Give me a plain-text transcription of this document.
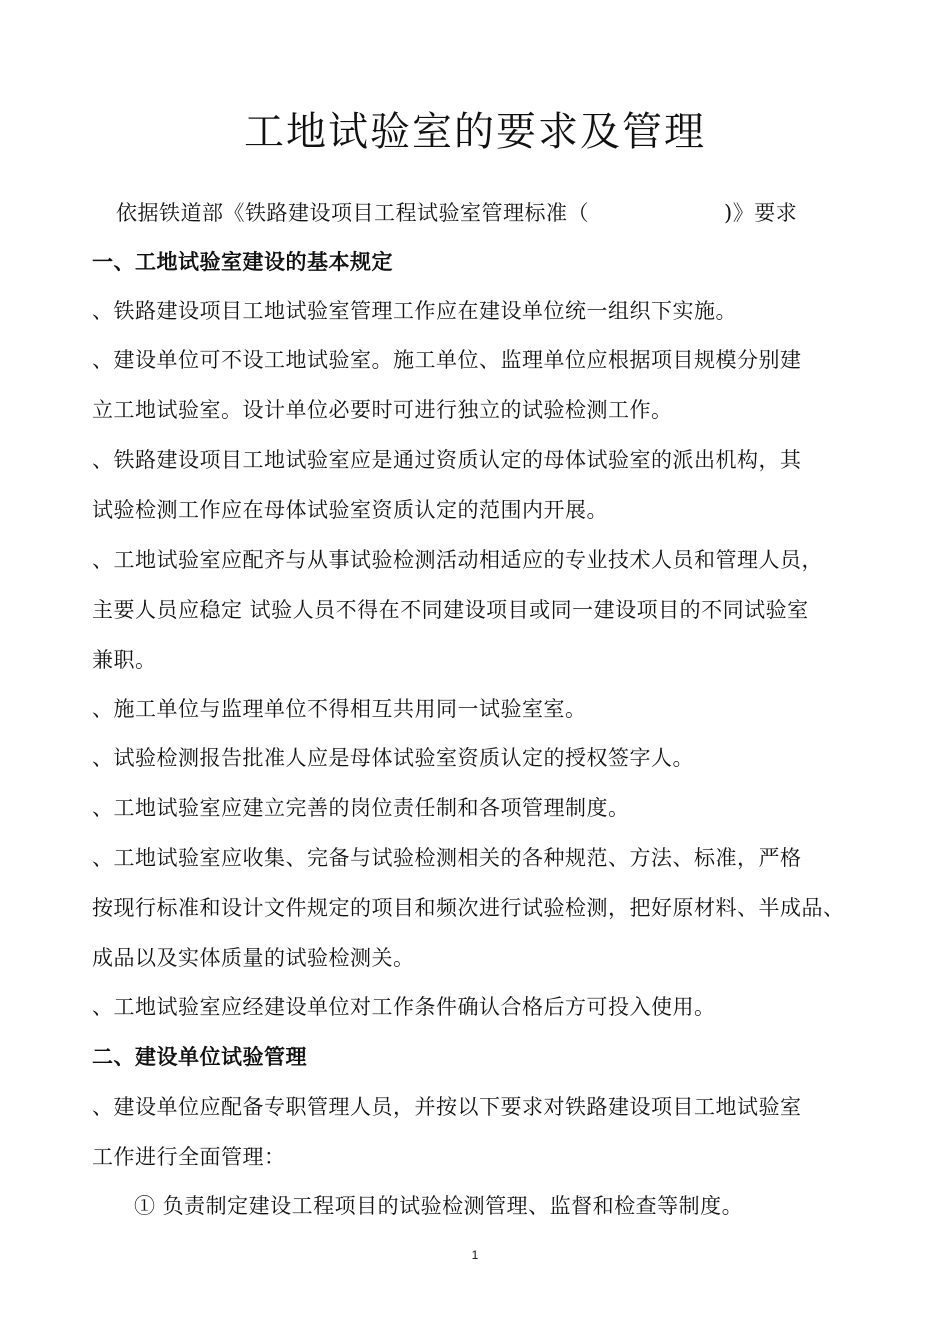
工地试验室的要求及管理
依据铁道部《铁路建设项目工程试验室管理标准（	)》要求
一、工地试验室建设的基本规定
、铁路建设项目工地试验室管理工作应在建设单位统一组织下实施。
、建设单位可不设工地试验室。施工单位、监理单位应根据项目规模分别建
立工地试验室。设计单位必要时可进行独立的试验检测工作。
、铁路建设项目工地试验室应是通过资质认定的母体试验室的派出机构，其
试验检测工作应在母体试验室资质认定的范围内开展。
、工地试验室应配齐与从事试验检测活动相适应的专业技术人员和管理人员，
主要人员应稳定 试验人员不得在不同建设项目或同一建设项目的不同试验室
兼职。
、施工单位与监理单位不得相互共用同一试验室室。
、试验检测报告批准人应是母体试验室资质认定的授权签字人。
、工地试验室应建立完善的岗位责任制和各项管理制度。
、工地试验室应收集、完备与试验检测相关的各种规范、方法、标准，严格
按现行标准和设计文件规定的项目和频次进行试验检测，把好原材料、半成品、
成品以及实体质量的试验检测关。
、工地试验室应经建设单位对工作条件确认合格后方可投入使用。
二、建设单位试验管理
、建设单位应配备专职管理人员，并按以下要求对铁路建设项目工地试验室
工作进行全面管理：
① 负责制定建设工程项目的试验检测管理、监督和检查等制度。
1
